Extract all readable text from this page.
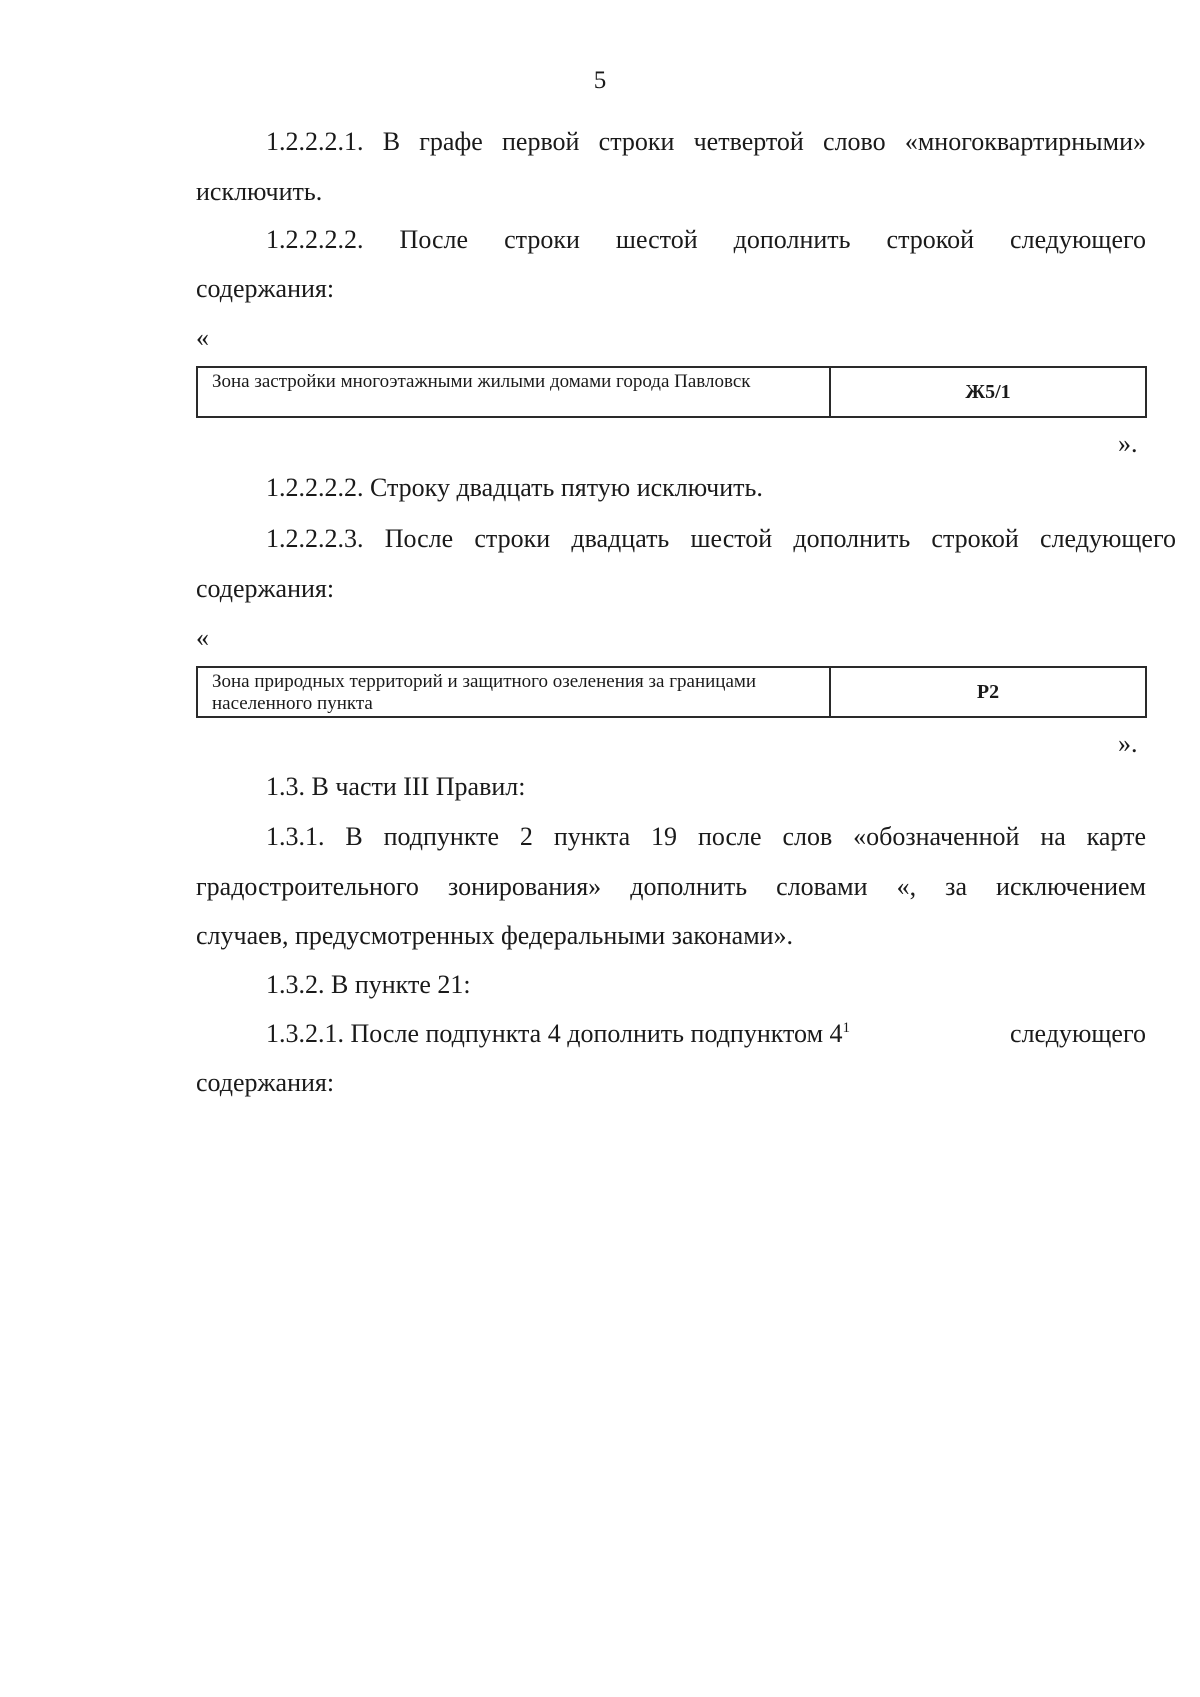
5
1.2.2.2.1. В графе первой строки четвертой слово «многоквартирными»
исключить.
1.2.2.2.2. После строки шестой дополнить строкой следующего
содержания:
«
Зона застройки многоэтажными жилыми домами города Павловск	Ж5/1
».
1.2.2.2.2. Строку двадцать пятую исключить.
1.2.2.2.3. После строки двадцать шестой дополнить строкой следующего
содержания:
«
Зона природных территорий и защитного озеленения за границами населенного пункта
Р2
».
1.3. В части III Правил:
1.3.1. В подпункте 2 пункта 19 после слов «обозначенной на карте
градостроительного зонирования» дополнить словами «, за исключением
случаев, предусмотренных федеральными законами».
1.3.2. В пункте 21:
1.3.2.1. После подпункта 4 дополнить подпунктом $4^1$	следующего
содержания:
